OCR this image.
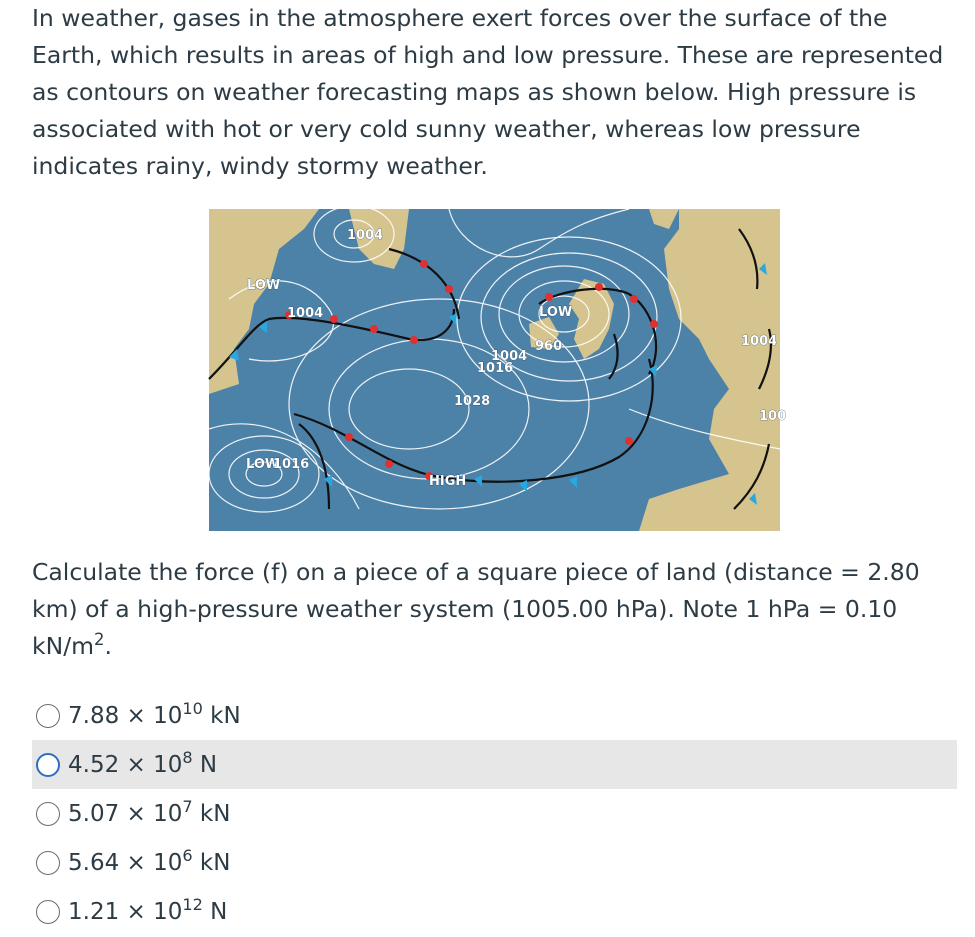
In weather, gases in the atmosphere exert forces over the surface of the Earth, which results in areas of high and low pressure. These are represented as contours on weather forecasting maps as shown below. High pressure is associated with hot or very cold sunny weather, whereas low pressure indicates rainy, windy stormy weather.

LOW
1004
1004	LOW
960
1004
1016
1028
HIGH
LOW
1016
1004
100

Calculate the force (f) on a piece of a square piece of land (distance = 2.80 km) of a high-pressure weather system (1005.00 hPa). Note 1 hPa = 0.10 $kN/m^2$.

$7.88 \times 10^{10}$ kN
$4.52 \times 10^8$ N
$5.07 \times 10^7$ kN
$5.64 \times 10^6$ kN
$1.21 \times 10^{12}$ N
